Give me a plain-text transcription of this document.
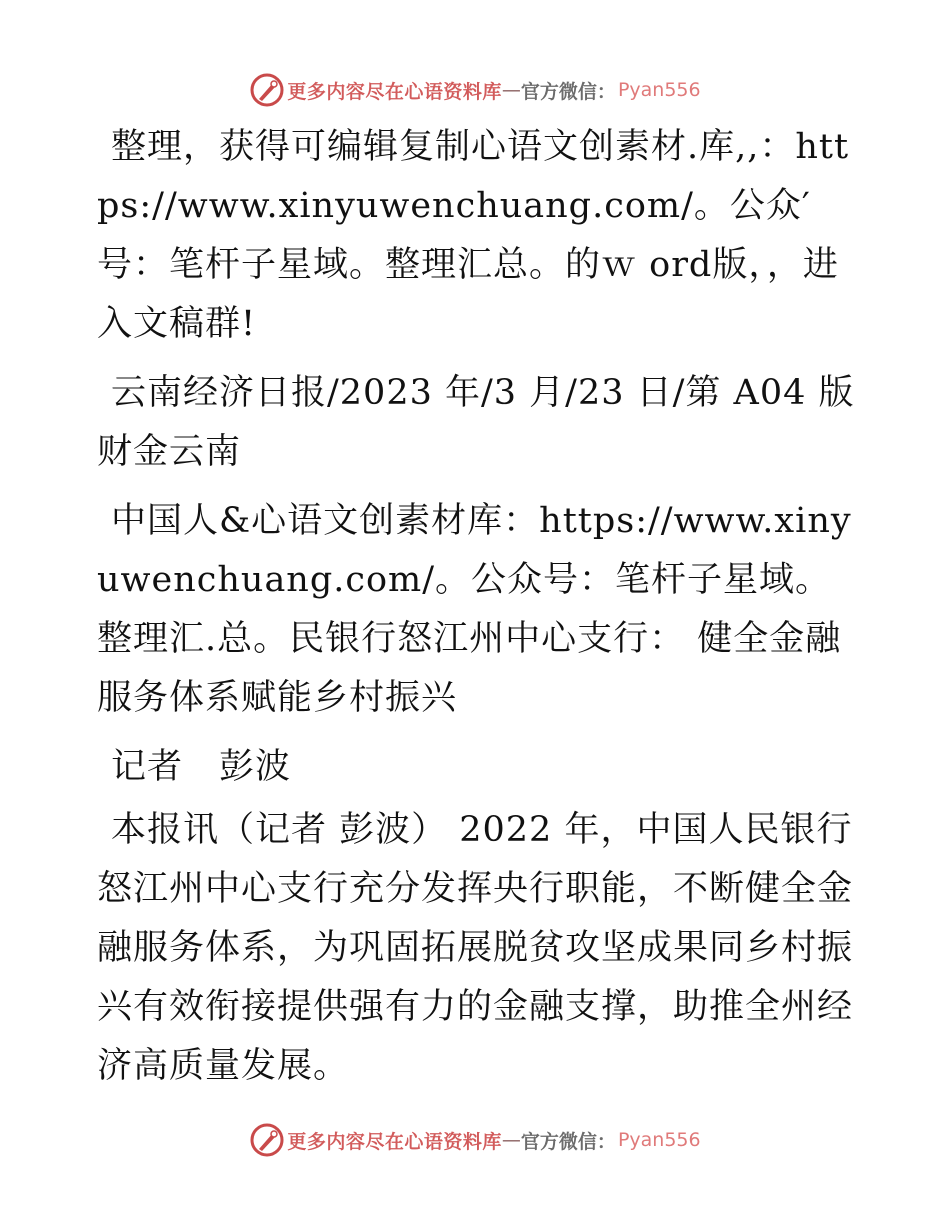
更多内容尽在心语资料库 — 官方微信： Pyan556

整理，获得可编辑复制心语文创素材.库,,：https://www.xinyuwenchuang.com/。公众′号：笔杆子星域。整理汇总。的ｗ ord版，，进入文稿群!

云南经济日报/2023 年/3 月/23 日/第 A04 版财金云南

中国人&心语文创素材库：https://www.xinyuwenchuang.com/。公众号：笔杆子星域。整理汇.总。民银行怒江州中心支行： 健全金融服务体系赋能乡村振兴

记者　彭波

本报讯（记者 彭波） 2022 年，中国人民银行怒江州中心支行充分发挥央行职能，不断健全金融服务体系，为巩固拓展脱贫攻坚成果同乡村振兴有效衔接提供强有力的金融支撑，助推全州经济高质量发展。

更多内容尽在心语资料库 — 官方微信： Pyan556
